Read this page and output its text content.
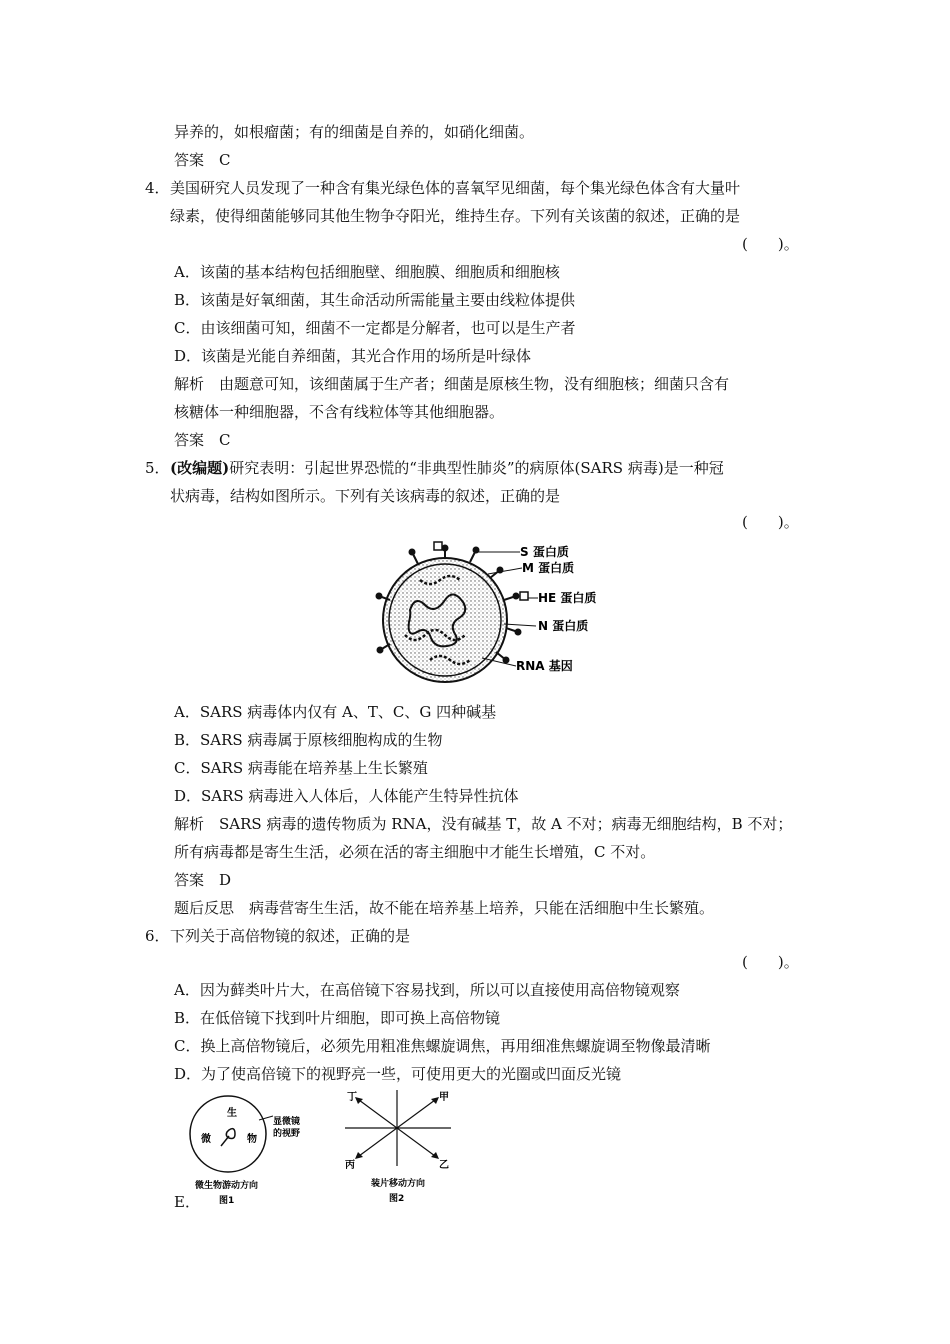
异养的，如根瘤菌；有的细菌是自养的，如硝化细菌。
答案　C
4． 美国研究人员发现了一种含有集光绿色体的喜氧罕见细菌，每个集光绿色体含有大量叶
绿素，使得细菌能够同其他生物争夺阳光，维持生存。下列有关该菌的叙述，正确的是
(　　)。
A．该菌的基本结构包括细胞壁、细胞膜、细胞质和细胞核
B．该菌是好氧细菌，其生命活动所需能量主要由线粒体提供
C．由该细菌可知，细菌不一定都是分解者，也可以是生产者
D．该菌是光能自养细菌，其光合作用的场所是叶绿体
解析　由题意可知，该细菌属于生产者；细菌是原核生物，没有细胞核；细菌只含有
核糖体一种细胞器，不含有线粒体等其他细胞器。
答案　C
5． (改编题)研究表明：引起世界恐慌的“非典型性肺炎”的病原体(SARS 病毒)是一种冠
状病毒，结构如图所示。下列有关该病毒的叙述，正确的是
(　　)。
S 蛋白质
M 蛋白质
HE 蛋白质
N 蛋白质
RNA 基因
A．SARS 病毒体内仅有 A、T、C、G 四种碱基
B．SARS 病毒属于原核细胞构成的生物
C．SARS 病毒能在培养基上生长繁殖
D．SARS 病毒进入人体后，人体能产生特异性抗体
解析　SARS 病毒的遗传物质为 RNA，没有碱基 T，故 A 不对；病毒无细胞结构，B 不对；
所有病毒都是寄生生活，必须在活的寄主细胞中才能生长增殖，C 不对。
答案　D
题后反思　病毒营寄生生活，故不能在培养基上培养，只能在活细胞中生长繁殖。
6． 下列关于高倍物镜的叙述，正确的是
(　　)。
A．因为藓类叶片大，在高倍镜下容易找到，所以可以直接使用高倍物镜观察
B．在低倍镜下找到叶片细胞，即可换上高倍物镜
C．换上高倍物镜后，必须先用粗准焦螺旋调焦，再用细准焦螺旋调至物像最清晰
D．为了使高倍镜下的视野亮一些，可使用更大的光圈或凹面反光镜
生
微	物
显微镜
的视野
微生物游动方向
图1
丁	甲
丙	乙
装片移动方向
图2
E．
